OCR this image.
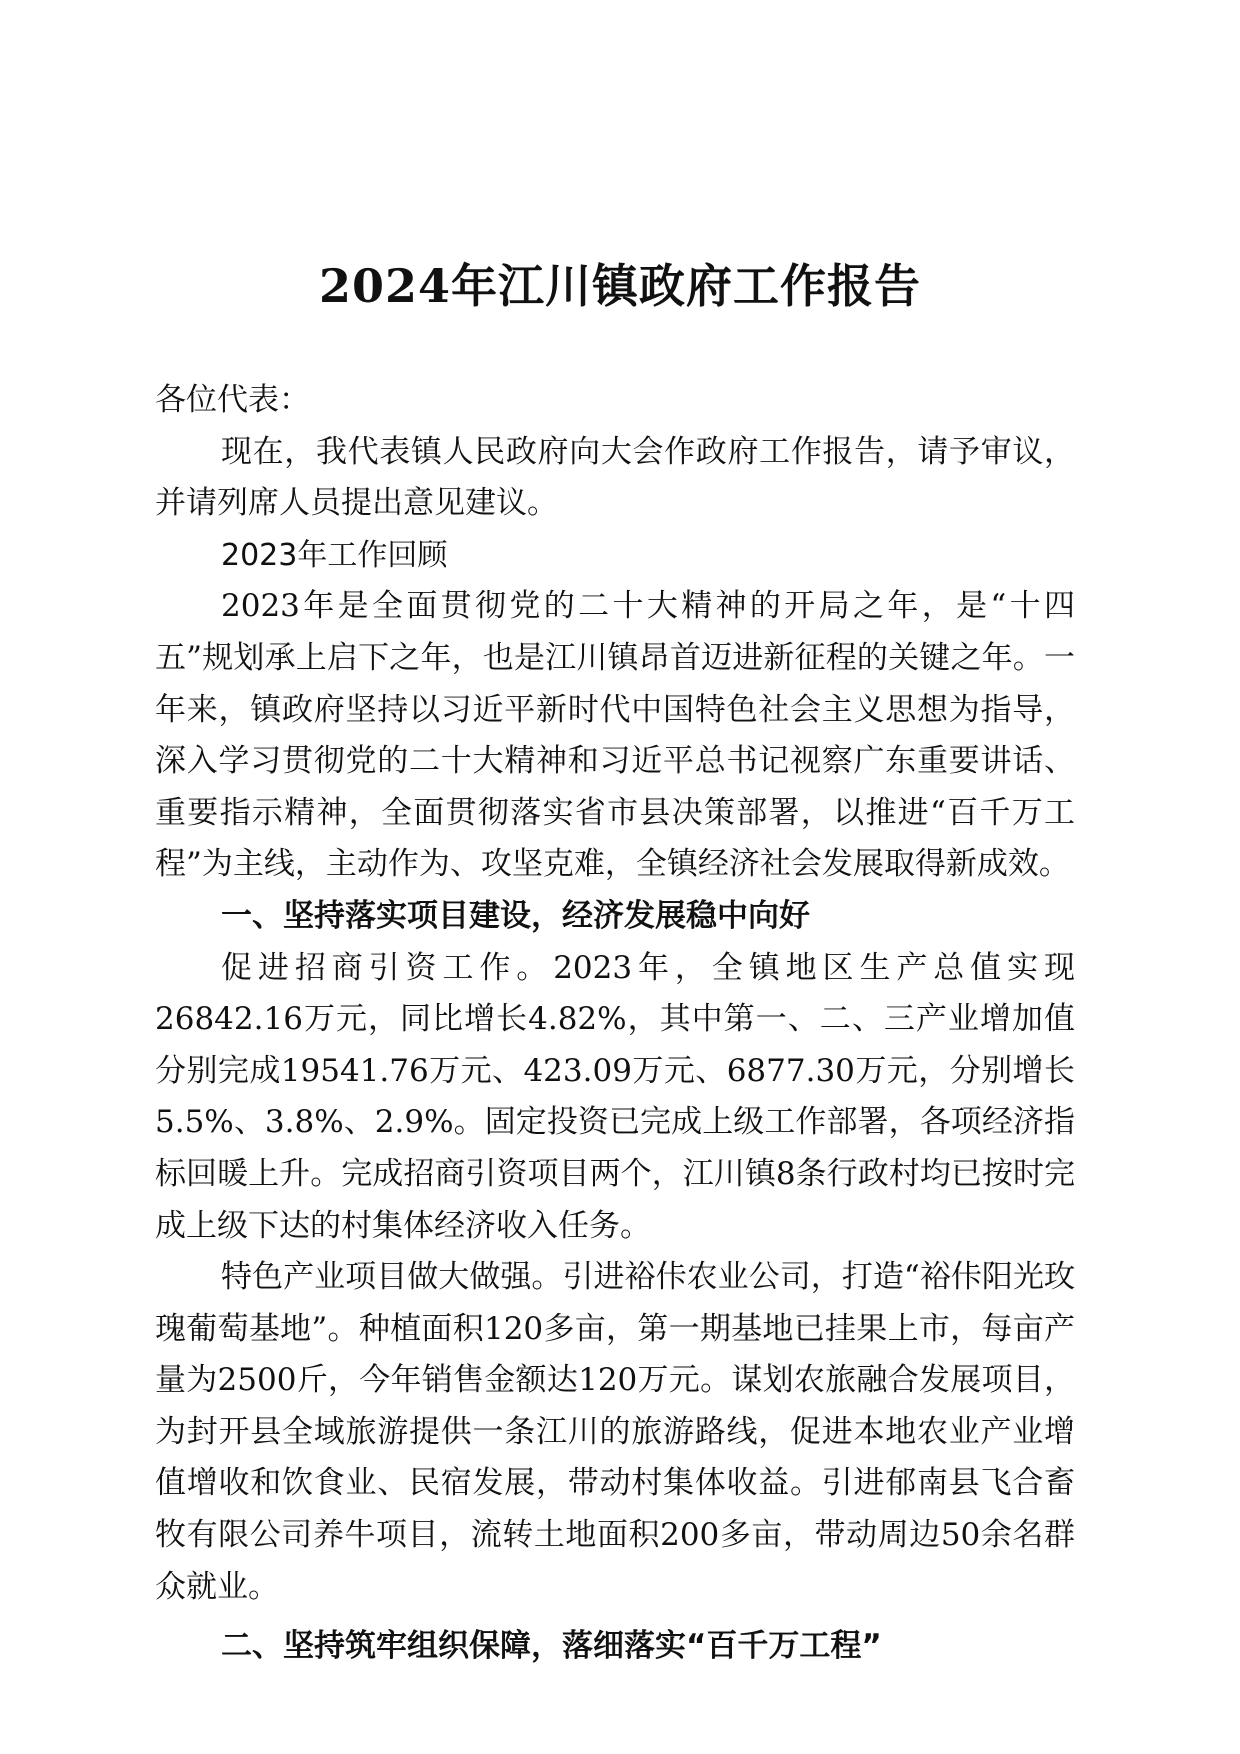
2024年江川镇政府工作报告

各位代表：

现在，我代表镇人民政府向大会作政府工作报告，请予审议，并请列席人员提出意见建议。

2023年工作回顾

2023年是全面贯彻党的二十大精神的开局之年，是“十四五”规划承上启下之年，也是江川镇昂首迈进新征程的关键之年。一年来，镇政府坚持以习近平新时代中国特色社会主义思想为指导，深入学习贯彻党的二十大精神和习近平总书记视察广东重要讲话、重要指示精神，全面贯彻落实省市县决策部署，以推进“百千万工程”为主线，主动作为、攻坚克难，全镇经济社会发展取得新成效。

一、坚持落实项目建设，经济发展稳中向好

促进招商引资工作。2023年，全镇地区生产总值实现26842.16万元，同比增长4.82%，其中第一、二、三产业增加值分别完成19541.76万元、423.09万元、6877.30万元，分别增长5.5%、3.8%、2.9%。固定投资已完成上级工作部署，各项经济指标回暖上升。完成招商引资项目两个，江川镇8条行政村均已按时完成上级下达的村集体经济收入任务。

特色产业项目做大做强。引进裕佧农业公司，打造“裕佧阳光玫瑰葡萄基地”。种植面积120多亩，第一期基地已挂果上市，每亩产量为2500斤，今年销售金额达120万元。谋划农旅融合发展项目，为封开县全域旅游提供一条江川的旅游路线，促进本地农业产业增值增收和饮食业、民宿发展，带动村集体收益。引进郁南县飞合畜牧有限公司养牛项目，流转土地面积200多亩，带动周边50余名群众就业。

二、坚持筑牢组织保障，落细落实“百千万工程”
